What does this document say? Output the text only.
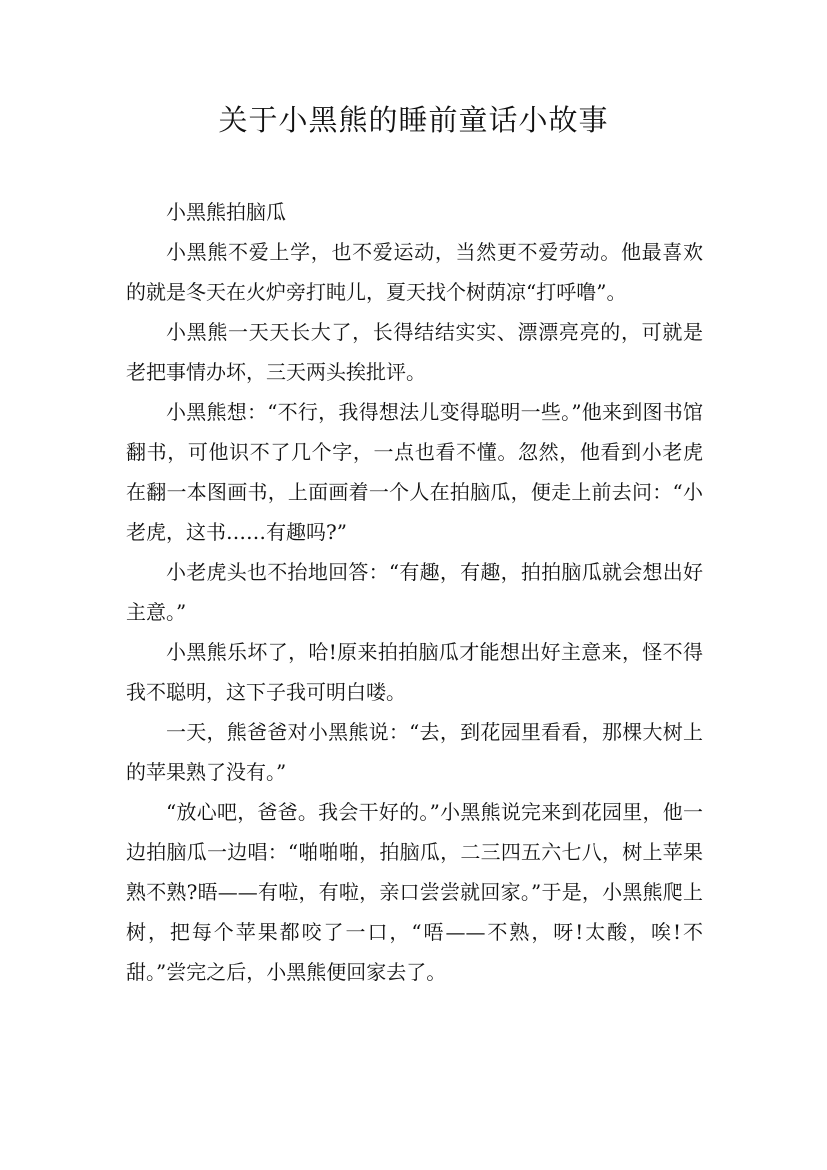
关于小黑熊的睡前童话小故事

小黑熊拍脑瓜

小黑熊不爱上学，也不爱运动，当然更不爱劳动。他最喜欢的就是冬天在火炉旁打盹儿，夏天找个树荫凉“打呼噜”。

小黑熊一天天长大了，长得结结实实、漂漂亮亮的，可就是老把事情办坏，三天两头挨批评。

小黑熊想：“不行，我得想法儿变得聪明一些。”他来到图书馆翻书，可他识不了几个字，一点也看不懂。忽然，他看到小老虎在翻一本图画书，上面画着一个人在拍脑瓜，便走上前去问：“小老虎，这书……有趣吗?”

小老虎头也不抬地回答：“有趣，有趣，拍拍脑瓜就会想出好主意。”

小黑熊乐坏了，哈!原来拍拍脑瓜才能想出好主意来，怪不得我不聪明，这下子我可明白喽。

一天，熊爸爸对小黑熊说：“去，到花园里看看，那棵大树上的苹果熟了没有。”

“放心吧，爸爸。我会干好的。”小黑熊说完来到花园里，他一边拍脑瓜一边唱：“啪啪啪，拍脑瓜，二三四五六七八，树上苹果熟不熟?晤——有啦，有啦，亲口尝尝就回家。”于是，小黑熊爬上树，把每个苹果都咬了一口，“唔——不熟，呀!太酸，唉!不甜。”尝完之后，小黑熊便回家去了。
